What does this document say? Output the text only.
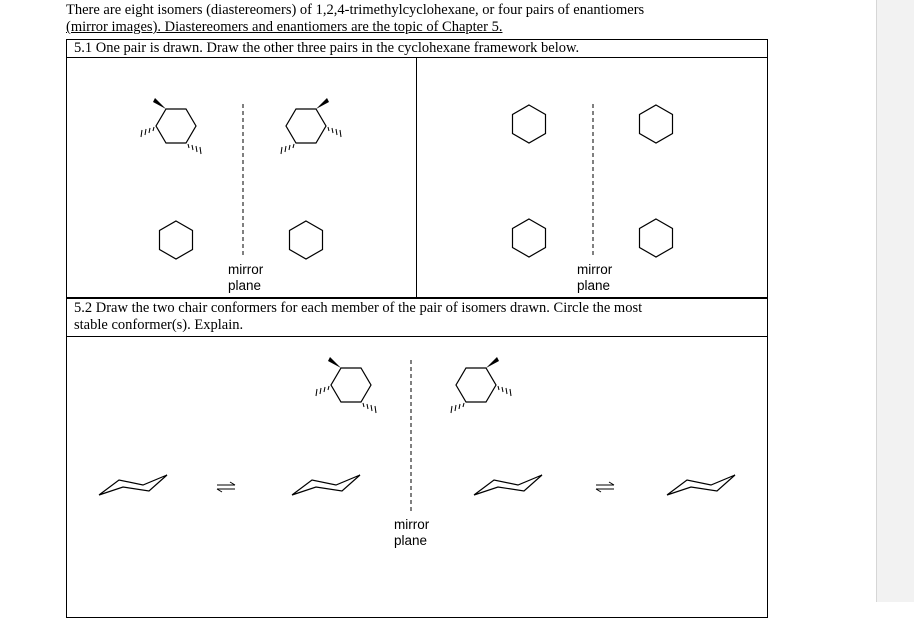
There are eight isomers (diastereomers) of 1,2,4-trimethylcyclohexane, or four pairs of enantiomers
(mirror images). Diastereomers and enantiomers are the topic of Chapter 5.
5.1 One pair is drawn. Draw the other three pairs in the cyclohexane framework below.
mirror
plane
mirror
plane
5.2 Draw the two chair conformers for each member of the pair of isomers drawn. Circle the most
stable conformer(s). Explain.
mirror
plane
